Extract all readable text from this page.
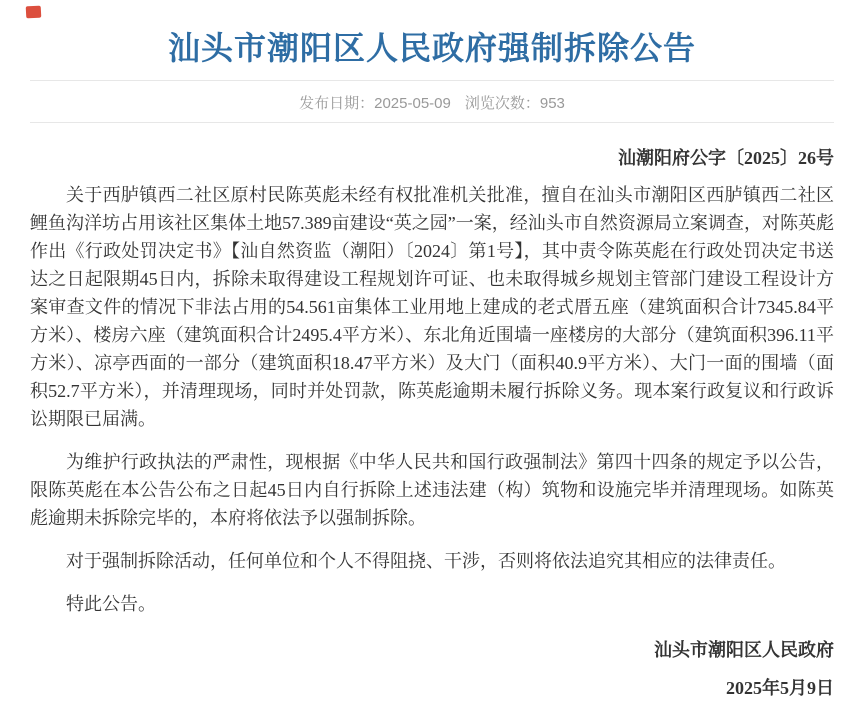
汕头市潮阳区人民政府强制拆除公告
发布日期：2025-05-09 浏览次数：953
汕潮阳府公字〔2025〕26号

关于西胪镇西二社区原村民陈英彪未经有权批准机关批准，擅自在汕头市潮阳区西胪镇西二社区鲤鱼沟洋坊占用该社区集体土地57.389亩建设“英之园”一案，经汕头市自然资源局立案调查，对陈英彪作出《行政处罚决定书》【汕自然资监（潮阳）〔2024〕第1号】，其中责令陈英彪在行政处罚决定书送达之日起限期45日内，拆除未取得建设工程规划许可证、也未取得城乡规划主管部门建设工程设计方案审查文件的情况下非法占用的54.561亩集体工业用地上建成的老式厝五座（建筑面积合计7345.84平方米）、楼房六座（建筑面积合计2495.4平方米）、东北角近围墙一座楼房的大部分（建筑面积396.11平方米）、凉亭西面的一部分（建筑面积18.47平方米）及大门（面积40.9平方米）、大门一面的围墙（面积52.7平方米），并清理现场，同时并处罚款，陈英彪逾期未履行拆除义务。现本案行政复议和行政诉讼期限已届满。

为维护行政执法的严肃性，现根据《中华人民共和国行政强制法》第四十四条的规定予以公告，限陈英彪在本公告公布之日起45日内自行拆除上述违法建（构）筑物和设施完毕并清理现场。如陈英彪逾期未拆除完毕的，本府将依法予以强制拆除。

对于强制拆除活动，任何单位和个人不得阻挠、干涉，否则将依法追究其相应的法律责任。

特此公告。

汕头市潮阳区人民政府
2025年5月9日
